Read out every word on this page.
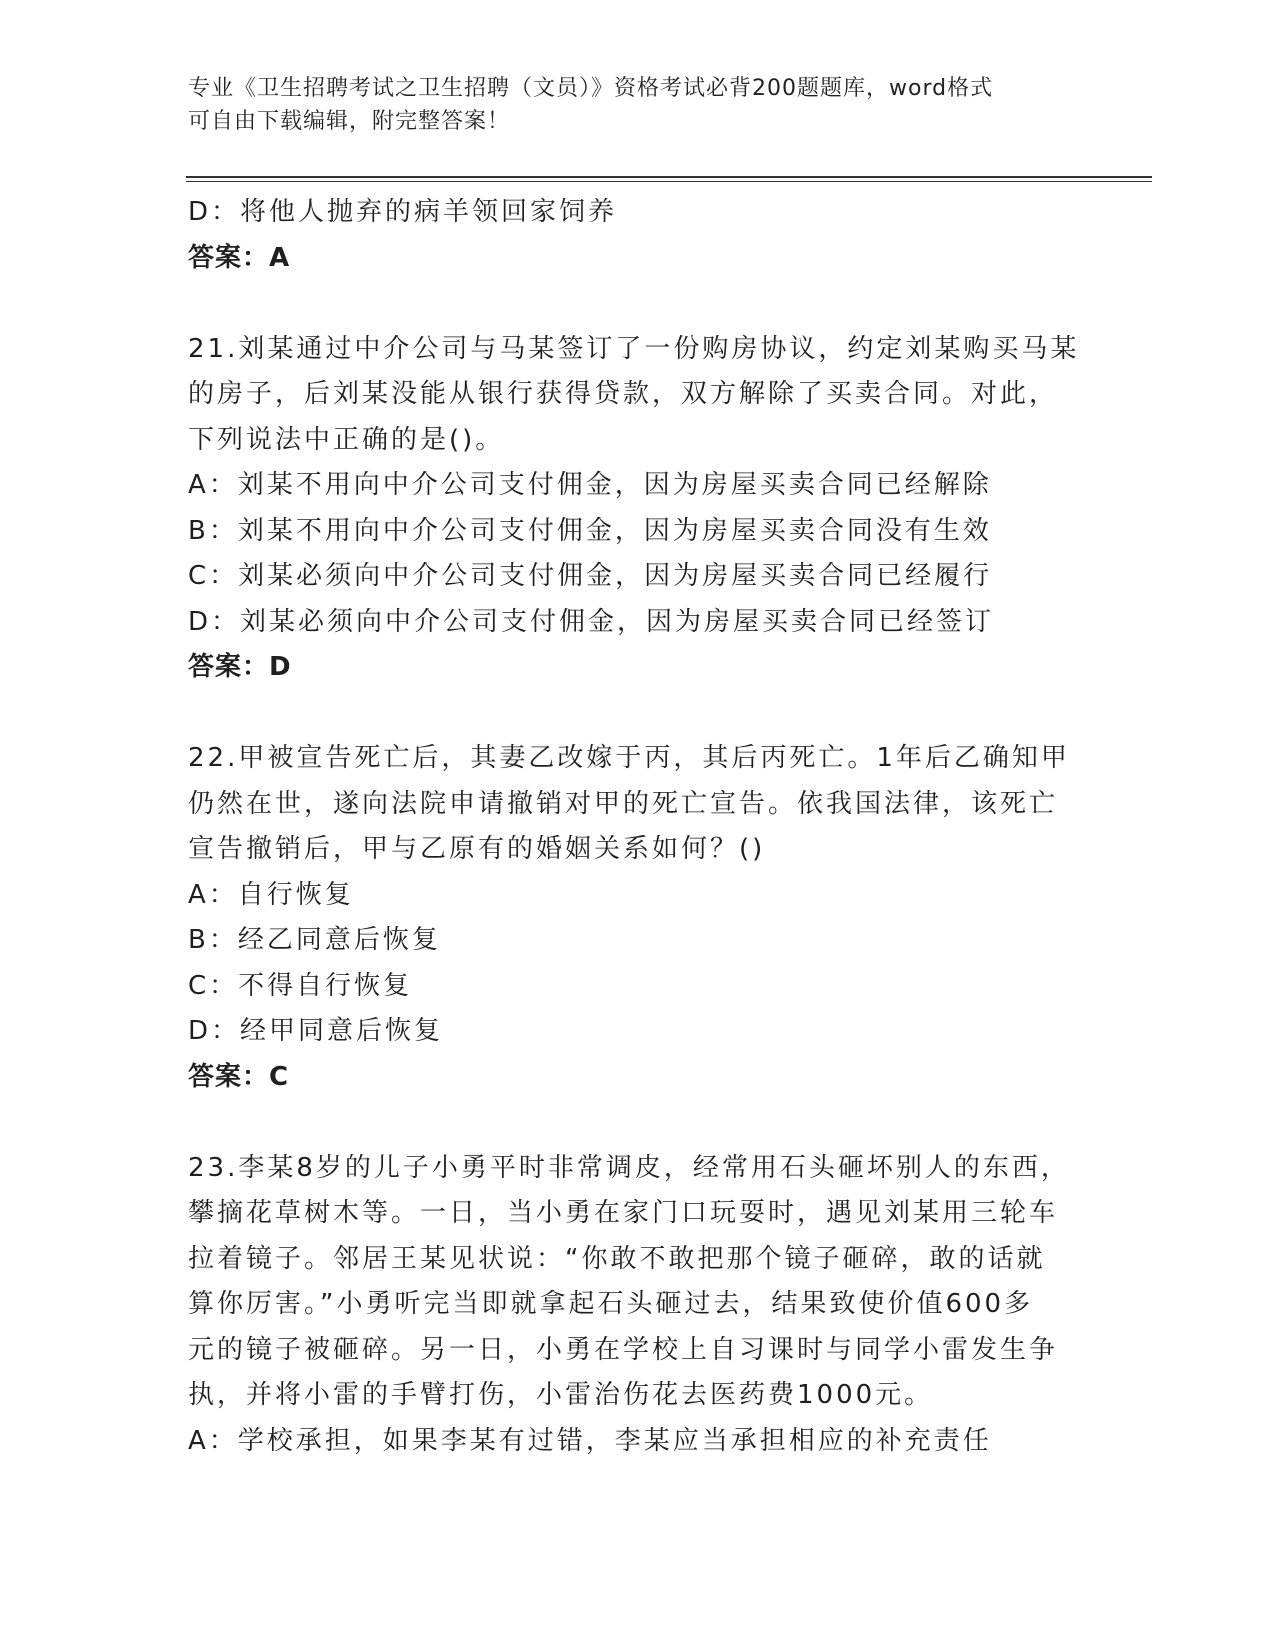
专业《卫生招聘考试之卫生招聘（文员）》资格考试必背200题题库，word格式
可自由下载编辑，附完整答案！
D：将他人抛弃的病羊领回家饲养
答案：A
21.刘某通过中介公司与马某签订了一份购房协议，约定刘某购买马某
的房子，后刘某没能从银行获得贷款，双方解除了买卖合同。对此，
下列说法中正确的是()。
A：刘某不用向中介公司支付佣金，因为房屋买卖合同已经解除
B：刘某不用向中介公司支付佣金，因为房屋买卖合同没有生效
C：刘某必须向中介公司支付佣金，因为房屋买卖合同已经履行
D：刘某必须向中介公司支付佣金，因为房屋买卖合同已经签订
答案：D
22.甲被宣告死亡后，其妻乙改嫁于丙，其后丙死亡。1年后乙确知甲
仍然在世，遂向法院申请撤销对甲的死亡宣告。依我国法律，该死亡
宣告撤销后，甲与乙原有的婚姻关系如何？()
A：自行恢复
B：经乙同意后恢复
C：不得自行恢复
D：经甲同意后恢复
答案：C
23.李某8岁的儿子小勇平时非常调皮，经常用石头砸坏别人的东西，
攀摘花草树木等。一日，当小勇在家门口玩耍时，遇见刘某用三轮车
拉着镜子。邻居王某见状说：“你敢不敢把那个镜子砸碎，敢的话就
算你厉害。”小勇听完当即就拿起石头砸过去，结果致使价值600多
元的镜子被砸碎。另一日，小勇在学校上自习课时与同学小雷发生争
执，并将小雷的手臂打伤，小雷治伤花去医药费1000元。
A：学校承担，如果李某有过错，李某应当承担相应的补充责任
